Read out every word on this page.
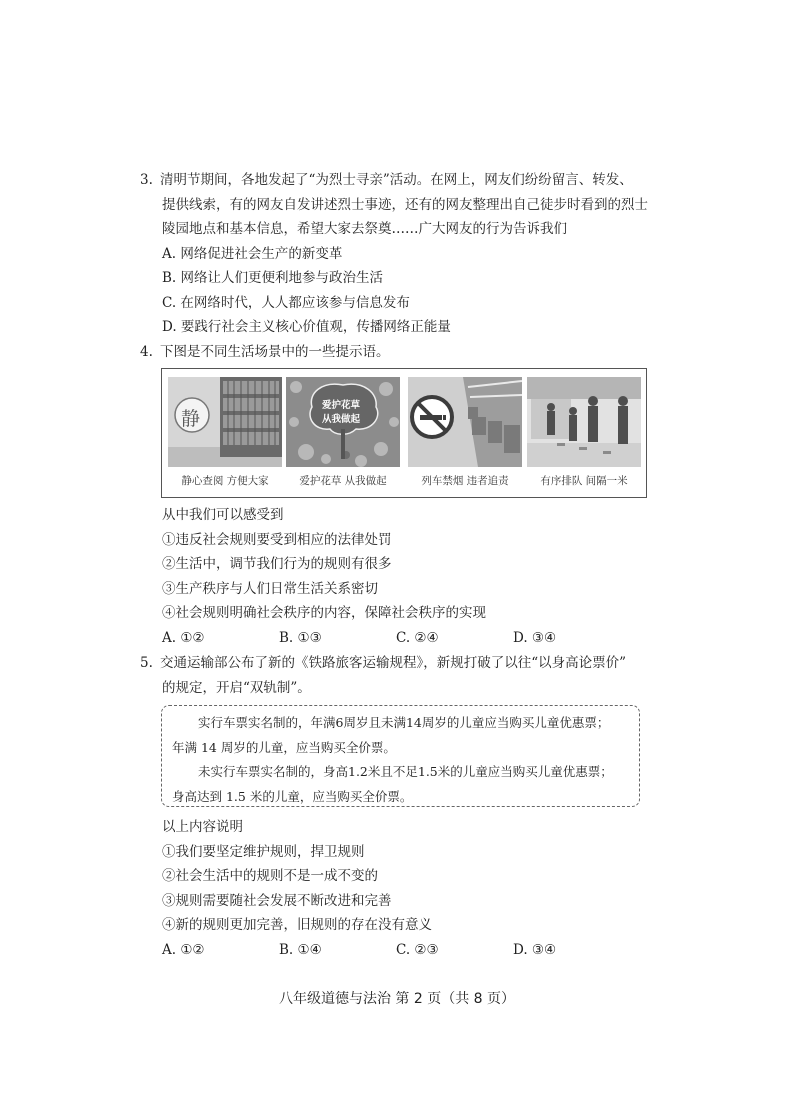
3. 清明节期间，各地发起了“为烈士寻亲”活动。在网上，网友们纷纷留言、转发、

提供线索，有的网友自发讲述烈士事迹，还有的网友整理出自己徒步时看到的烈士

陵园地点和基本信息，希望大家去祭奠……广大网友的行为告诉我们

A. 网络促进社会生产的新变革

B. 网络让人们更便利地参与政治生活

C. 在网络时代，人人都应该参与信息发布

D. 要践行社会主义核心价值观，传播网络正能量

4. 下图是不同生活场景中的一些提示语。

静
静心查阅 方便大家
爱护花草
从我做起
爱护花草 从我做起	列车禁烟 违者追责	有序排队 间隔一米

从中我们可以感受到

①违反社会规则要受到相应的法律处罚

②生活中，调节我们行为的规则有很多

③生产秩序与人们日常生活关系密切

④社会规则明确社会秩序的内容，保障社会秩序的实现

A. ①②	B. ①③	C. ②④	D. ③④

5. 交通运输部公布了新的《铁路旅客运输规程》，新规打破了以往“以身高论票价”

的规定，开启“双轨制”。

实行车票实名制的，年满6周岁且未满14周岁的儿童应当购买儿童优惠票；

年满 14 周岁的儿童，应当购买全价票。

未实行车票实名制的，身高1.2米且不足1.5米的儿童应当购买儿童优惠票；

身高达到 1.5 米的儿童，应当购买全价票。

以上内容说明

①我们要坚定维护规则，捍卫规则

②社会生活中的规则不是一成不变的

③规则需要随社会发展不断改进和完善

④新的规则更加完善，旧规则的存在没有意义

A. ①②	B. ①④	C. ②③	D. ③④
八年级道德与法治 第 2 页（共 8 页）
